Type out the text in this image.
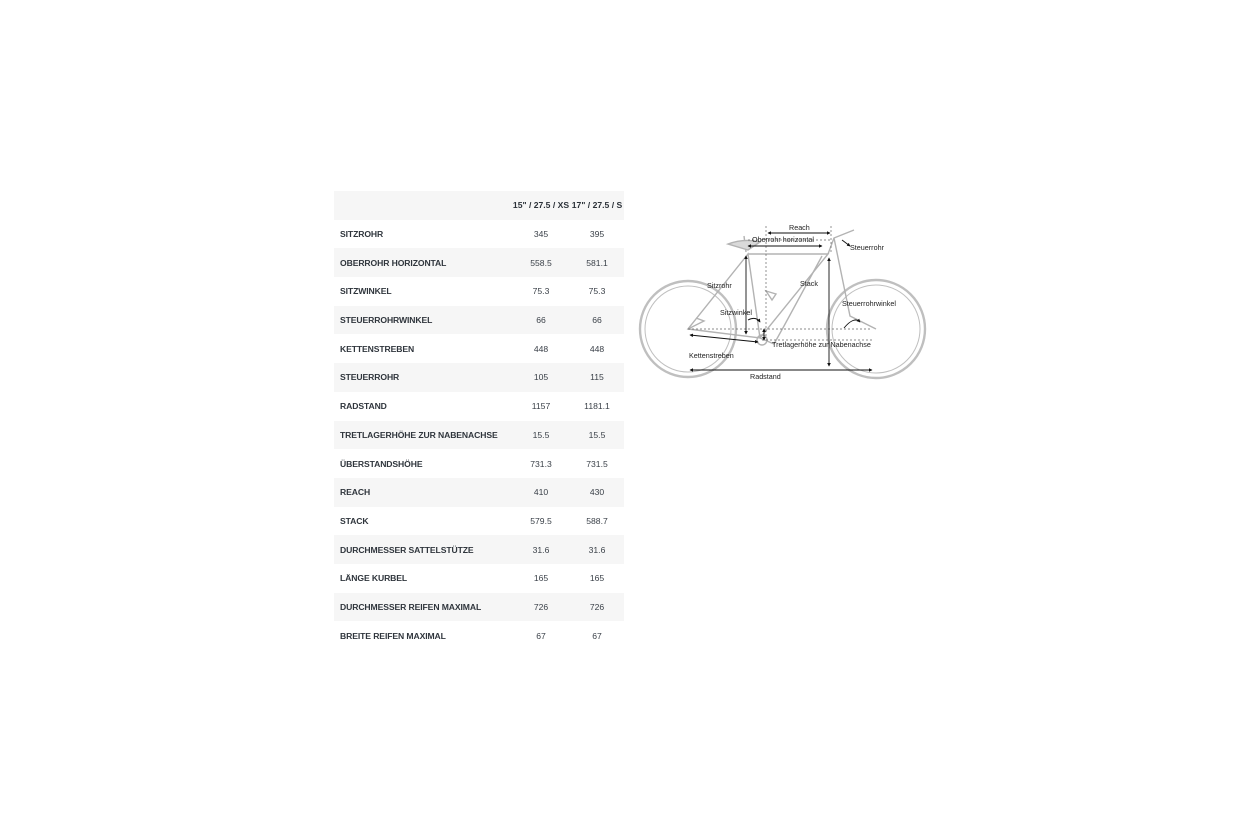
	15" / 27.5 / XS	17" / 27.5 / S
SITZROHR	345	395
OBERROHR HORIZONTAL	558.5	581.1
SITZWINKEL	75.3	75.3
STEUERROHRWINKEL	66	66
KETTENSTREBEN	448	448
STEUERROHR	105	115
RADSTAND	1157	1181.1
TRETLAGERHÖHE ZUR NABENACHSE	15.5	15.5
ÜBERSTANDSHÖHE	731.3	731.5
REACH	410	430
STACK	579.5	588.7
DURCHMESSER SATTELSTÜTZE	31.6	31.6
LÄNGE KURBEL	165	165
DURCHMESSER REIFEN MAXIMAL	726	726
BREITE REIFEN MAXIMAL	67	67
Reach
Oberrohr horizontal
Steuerrohr
Sitzrohr	Stack
Steuerrohrwinkel
Sitzwinkel
Tretlagerhöhe zur Nabenachse
Kettenstreben
Radstand
